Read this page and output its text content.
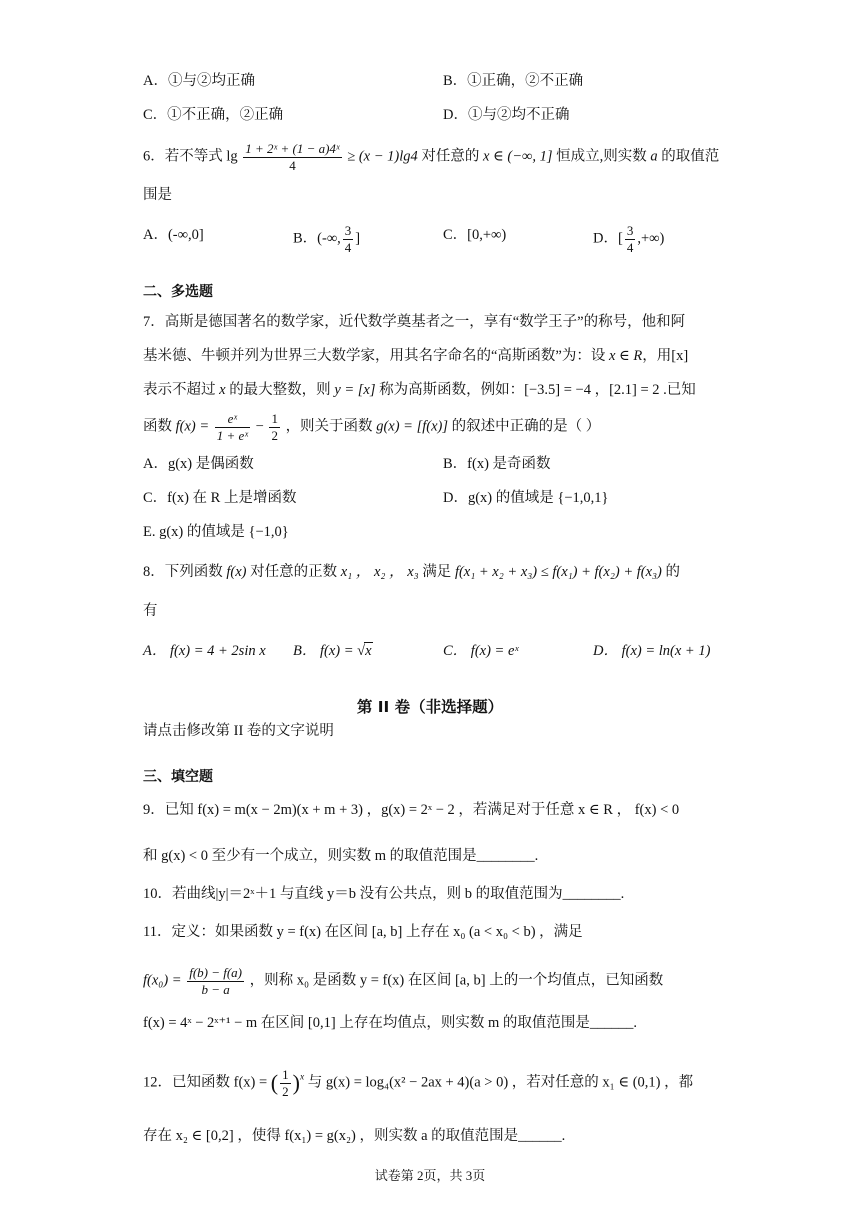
A．①与②均正确	B．①正确，②不正确
C．①不正确，②正确	D．①与②均不正确
6．若不等式 $\lg \frac{\text{1 + 2ˣ + (1 − a)4ˣ}}{4} \ge (x - 1)\lg 4$ 对任意的 x ∈ (−∞, 1] 恒成立,则实数 a 的取值范
围是
A．(-∞,0]	B．(-∞, $\frac{3}{4}$ ]	C．[0,+∞)	D．[ $\frac{3}{4}$ ,+∞)
二、多选题
7．高斯是德国著名的数学家，近代数学奠基者之一，享有“数学王子”的称号，他和阿
基米德、牛顿并列为世界三大数学家，用其名字命名的“高斯函数”为：设 x ∈ R，用[x]
表示不超过 x 的最大整数，则 y = [x] 称为高斯函数，例如：[−3.5] = −4 ，[2.1] = 2 .已知
函数 $f(x) = \frac{\text{eˣ}}{\text{1 + eˣ}} - \frac{1}{2}$ ，则关于函数 g(x) = [f(x)] 的叙述中正确的是（ ）
A．g(x) 是偶函数	B．f(x) 是奇函数
C．f(x) 在 R 上是增函数	D．g(x) 的值域是 {−1,0,1}
E. g(x) 的值域是 {−1,0}
8．下列函数 f(x) 对任意的正数 x₁ ， x₂ ， x₃ 满足 f(x₁ + x₂ + x₃) ≤ f(x₁) + f(x₂) + f(x₃) 的
有
A． f(x) = 4 + 2sin x B． f(x) = √x	C． f(x) = eˣ	D． f(x) = ln(x + 1)
第 II 卷（非选择题）
请点击修改第 II 卷的文字说明
三、填空题
9．已知 f(x) = m(x − 2m)(x + m + 3) ，g(x) = 2ˣ − 2 ，若满足对于任意 x ∈ R ， f(x) < 0
和 g(x) < 0 至少有一个成立，则实数 m 的取值范围是________.
10．若曲线|y|＝2ˣ＋1 与直线 y＝b 没有公共点，则 b 的取值范围为________.
11．定义：如果函数 y = f(x) 在区间 [a, b] 上存在 x₀ (a < x₀ < b) ，满足
$f(x_0) = \frac{f(b) - f(a)}{b - a}$ ，则称 x₀ 是函数 y = f(x) 在区间 [a, b] 上的一个均值点，已知函数
f(x) = 4ˣ − 2ˣ⁺¹ − m 在区间 [0,1] 上存在均值点，则实数 m 的取值范围是______.
12．已知函数 f(x) = ( $\frac{1}{2} )^x$ 与 g(x) = log₄(x² − 2ax + 4)(a > 0) ，若对任意的 x₁ ∈ (0,1) ，都
存在 x₂ ∈ [0,2] ，使得 f(x₁) = g(x₂) ，则实数 a 的取值范围是______.
试卷第 2页，共 3页
